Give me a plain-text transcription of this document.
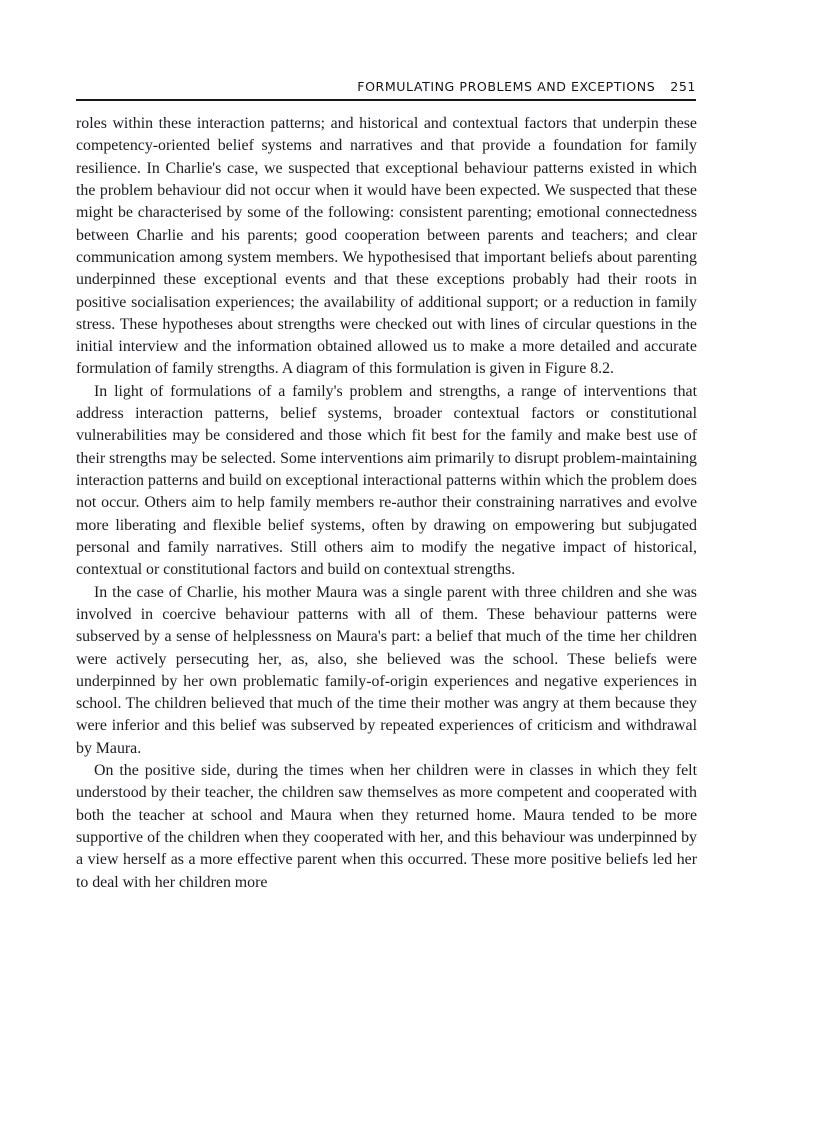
FORMULATING PROBLEMS AND EXCEPTIONS 251

roles within these interaction patterns; and historical and contextual factors that underpin these competency-oriented belief systems and narratives and that provide a foundation for family resilience. In Charlie's case, we suspected that exceptional behaviour patterns existed in which the problem behaviour did not occur when it would have been expected. We suspected that these might be characterised by some of the following: consistent parenting; emotional connectedness between Charlie and his parents; good cooperation between parents and teachers; and clear communication among system members. We hypothesised that important beliefs about parenting underpinned these exceptional events and that these exceptions probably had their roots in positive socialisation experiences; the availability of additional support; or a reduction in family stress. These hypotheses about strengths were checked out with lines of circular questions in the initial interview and the information obtained allowed us to make a more detailed and accurate formulation of family strengths. A diagram of this formulation is given in Figure 8.2.

In light of formulations of a family's problem and strengths, a range of interventions that address interaction patterns, belief systems, broader contextual factors or constitutional vulnerabilities may be considered and those which fit best for the family and make best use of their strengths may be selected. Some interventions aim primarily to disrupt problem-maintaining interaction patterns and build on exceptional interactional patterns within which the problem does not occur. Others aim to help family members re-author their constraining narratives and evolve more liberating and flexible belief systems, often by drawing on empowering but subjugated personal and family narratives. Still others aim to modify the negative impact of historical, contextual or constitutional factors and build on contextual strengths.

In the case of Charlie, his mother Maura was a single parent with three children and she was involved in coercive behaviour patterns with all of them. These behaviour patterns were subserved by a sense of helplessness on Maura's part: a belief that much of the time her children were actively persecuting her, as, also, she believed was the school. These beliefs were underpinned by her own problematic family-of-origin experiences and negative experiences in school. The children believed that much of the time their mother was angry at them because they were inferior and this belief was subserved by repeated experiences of criticism and withdrawal by Maura.

On the positive side, during the times when her children were in classes in which they felt understood by their teacher, the children saw themselves as more competent and cooperated with both the teacher at school and Maura when they returned home. Maura tended to be more supportive of the children when they cooperated with her, and this behaviour was underpinned by a view herself as a more effective parent when this occurred. These more positive beliefs led her to deal with her children more
